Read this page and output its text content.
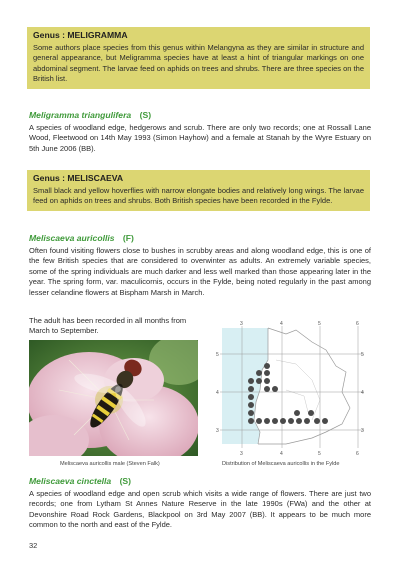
Genus : MELIGRAMMA
Some authors place species from this genus within Melangyna as they are similar in structure and general appearance, but Meligramma species have at least a hint of triangular markings on one abdominal segment. The larvae feed on aphids on trees and shrubs. There are three species on the British list.
Meligramma triangulifera (S)
A species of woodland edge, hedgerows and scrub. There are only two records; one at Rossall Lane Wood, Fleetwood on 14th May 1993 (Simon Hayhow) and a female at Stanah by the Wyre Estuary on 5th June 2006 (BB).
Genus : MELISCAEVA
Small black and yellow hoverflies with narrow elongate bodies and relatively long wings. The larvae feed on aphids on trees and shrubs. Both British species have been recorded in the Fylde.
Meliscaeva auricollis (F)
Often found visiting flowers close to bushes in scrubby areas and along woodland edge, this is one of the few British species that are considered to overwinter as adults. An extremely variable species, some of the spring individuals are much darker and less well marked than those appearing later in the year. The spring form, var. maculicornis, occurs in the Fylde, being noted regularly in the past among lesser celandine flowers at Bispham Marsh in March.
The adult has been recorded in all months from March to September.
Meliscaeva auricollis male (Steven Falk)
3	4	5	6
3	4	5	6
5
4
3
5
4
3
Distribution of Meliscaeva auricollis in the Fylde
Meliscaeva cinctella (S)
A species of woodland edge and open scrub which visits a wide range of flowers. There are just two records; one from Lytham St Annes Nature Reserve in the late 1990s (FWa) and the other at Devonshire Road Rock Gardens, Blackpool on 3rd May 2007 (BB). It appears to be much more common to the north and east of the Fylde.
32
